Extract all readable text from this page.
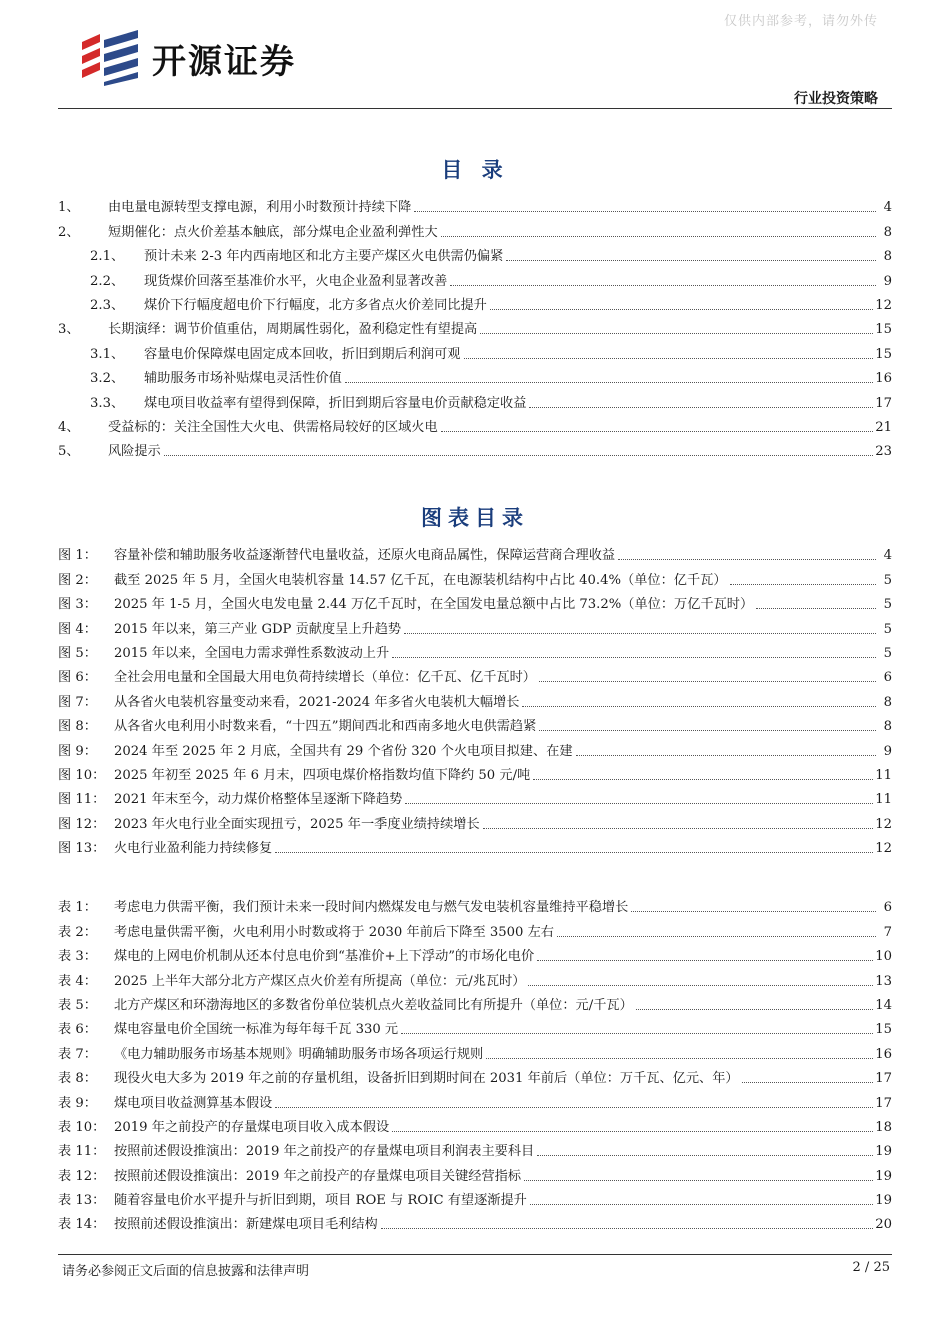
仅供内部参考，请勿外传
开源证券
行业投资策略
目 录
1、	由电量电源转型支撑电源，利用小时数预计持续下降	4
2、	短期催化：点火价差基本触底，部分煤电企业盈利弹性大	8
2.1、	预计未来 2-3 年内西南地区和北方主要产煤区火电供需仍偏紧	8
2.2、	现货煤价回落至基准价水平，火电企业盈利显著改善	9
2.3、	煤价下行幅度超电价下行幅度，北方多省点火价差同比提升	12
3、	长期演绎：调节价值重估，周期属性弱化，盈利稳定性有望提高	15
3.1、	容量电价保障煤电固定成本回收，折旧到期后利润可观	15
3.2、	辅助服务市场补贴煤电灵活性价值	16
3.3、	煤电项目收益率有望得到保障，折旧到期后容量电价贡献稳定收益	17
4、	受益标的：关注全国性大火电、供需格局较好的区域火电	21
5、	风险提示	23
图表目录
图 1：	容量补偿和辅助服务收益逐渐替代电量收益，还原火电商品属性，保障运营商合理收益	4
图 2：	截至 2025 年 5 月，全国火电装机容量 14.57 亿千瓦，在电源装机结构中占比 40.4%（单位：亿千瓦）	5
图 3：	2025 年 1-5 月，全国火电发电量 2.44 万亿千瓦时，在全国发电量总额中占比 73.2%（单位：万亿千瓦时）	5
图 4：	2015 年以来，第三产业 GDP 贡献度呈上升趋势	5
图 5：	2015 年以来，全国电力需求弹性系数波动上升	5
图 6：	全社会用电量和全国最大用电负荷持续增长（单位：亿千瓦、亿千瓦时）	6
图 7：	从各省火电装机容量变动来看，2021-2024 年多省火电装机大幅增长	8
图 8：	从各省火电利用小时数来看，“十四五”期间西北和西南多地火电供需趋紧	8
图 9：	2024 年至 2025 年 2 月底，全国共有 29 个省份 320 个火电项目拟建、在建	9
图 10： 2025 年初至 2025 年 6 月末，四项电煤价格指数均值下降约 50 元/吨	11
图 11： 2021 年末至今，动力煤价格整体呈逐渐下降趋势	11
图 12： 2023 年火电行业全面实现扭亏，2025 年一季度业绩持续增长	12
图 13： 火电行业盈利能力持续修复	12
表 1：	考虑电力供需平衡，我们预计未来一段时间内燃煤发电与燃气发电装机容量维持平稳增长	6
表 2：	考虑电量供需平衡，火电利用小时数或将于 2030 年前后下降至 3500 左右	7
表 3：	煤电的上网电价机制从还本付息电价到“基准价+上下浮动”的市场化电价	10
表 4：	2025 上半年大部分北方产煤区点火价差有所提高（单位：元/兆瓦时）	13
表 5：	北方产煤区和环渤海地区的多数省份单位装机点火差收益同比有所提升（单位：元/千瓦）	14
表 6：	煤电容量电价全国统一标准为每年每千瓦 330 元	15
表 7：	《电力辅助服务市场基本规则》明确辅助服务市场各项运行规则	16
表 8：	现役火电大多为 2019 年之前的存量机组，设备折旧到期时间在 2031 年前后（单位：万千瓦、亿元、年）	17
表 9：	煤电项目收益测算基本假设	17
表 10： 2019 年之前投产的存量煤电项目收入成本假设	18
表 11： 按照前述假设推演出：2019 年之前投产的存量煤电项目利润表主要科目	19
表 12： 按照前述假设推演出：2019 年之前投产的存量煤电项目关键经营指标	19
表 13： 随着容量电价水平提升与折旧到期，项目 ROE 与 ROIC 有望逐渐提升	19
表 14： 按照前述假设推演出：新建煤电项目毛利结构	20
请务必参阅正文后面的信息披露和法律声明	2 / 25
